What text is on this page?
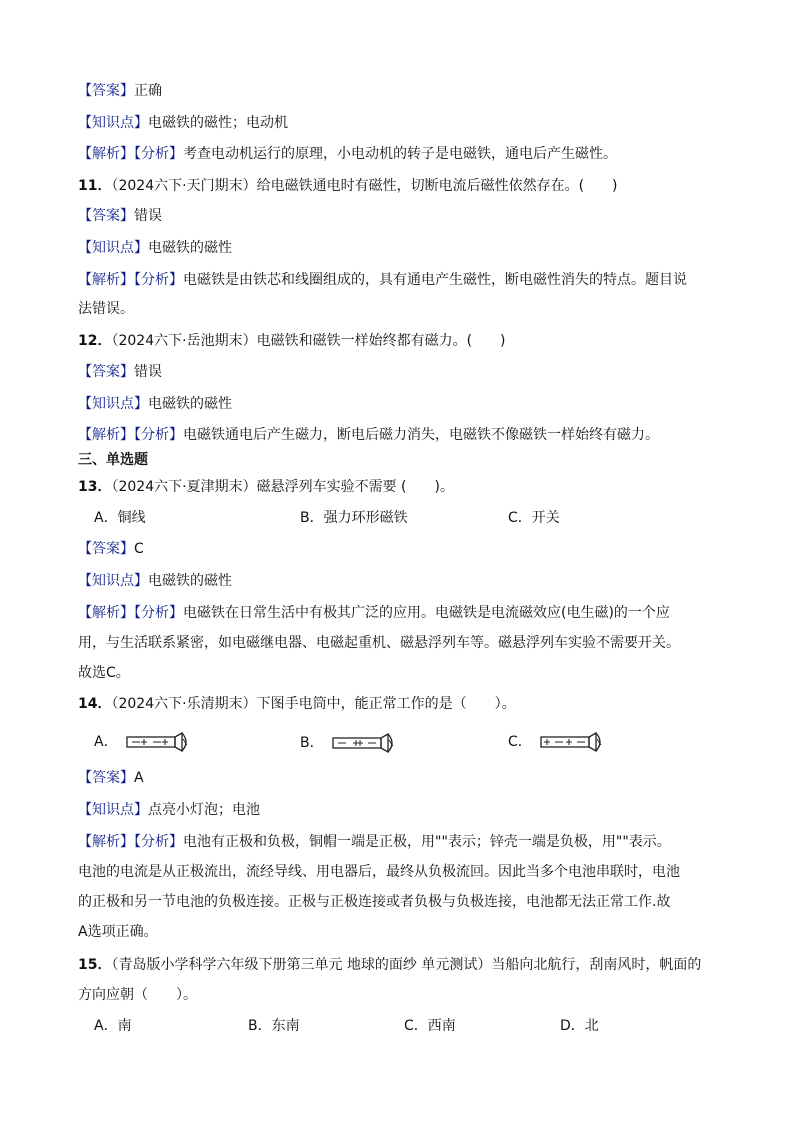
【答案】正确
【知识点】电磁铁的磁性；电动机
【解析】【分析】考查电动机运行的原理，小电动机的转子是电磁铁，通电后产生磁性。
11．（2024六下·天门期末）给电磁铁通电时有磁性，切断电流后磁性依然存在。(　　)
【答案】错误
【知识点】电磁铁的磁性
【解析】【分析】电磁铁是由铁芯和线圈组成的，具有通电产生磁性，断电磁性消失的特点。题目说
法错误。
12．（2024六下·岳池期末）电磁铁和磁铁一样始终都有磁力。(　　)
【答案】错误
【知识点】电磁铁的磁性
【解析】【分析】电磁铁通电后产生磁力，断电后磁力消失，电磁铁不像磁铁一样始终有磁力。
三、单选题
13．（2024六下·夏津期末）磁悬浮列车实验不需要 (　　)。
A．铜线	B．强力环形磁铁	C．开关
【答案】C
【知识点】电磁铁的磁性
【解析】【分析】电磁铁在日常生活中有极其广泛的应用。电磁铁是电流磁效应(电生磁)的一个应
用，与生活联系紧密，如电磁继电器、电磁起重机、磁悬浮列车等。磁悬浮列车实验不需要开关。
故选C。
14．（2024六下·乐清期末）下图手电筒中，能正常工作的是（　　）。
A．	B．	C．
【答案】A
【知识点】点亮小灯泡；电池
【解析】【分析】电池有正极和负极，铜帽一端是正极，用""表示；锌壳一端是负极，用""表示。
电池的电流是从正极流出，流经导线、用电器后，最终从负极流回。因此当多个电池串联时，电池
的正极和另一节电池的负极连接。正极与正极连接或者负极与负极连接，电池都无法正常工作.故
A选项正确。
15．（青岛版小学科学六年级下册第三单元 地球的面纱 单元测试）当船向北航行，刮南风时，帆面的
方向应朝（　　）。
A．南	B．东南	C．西南	D．北
